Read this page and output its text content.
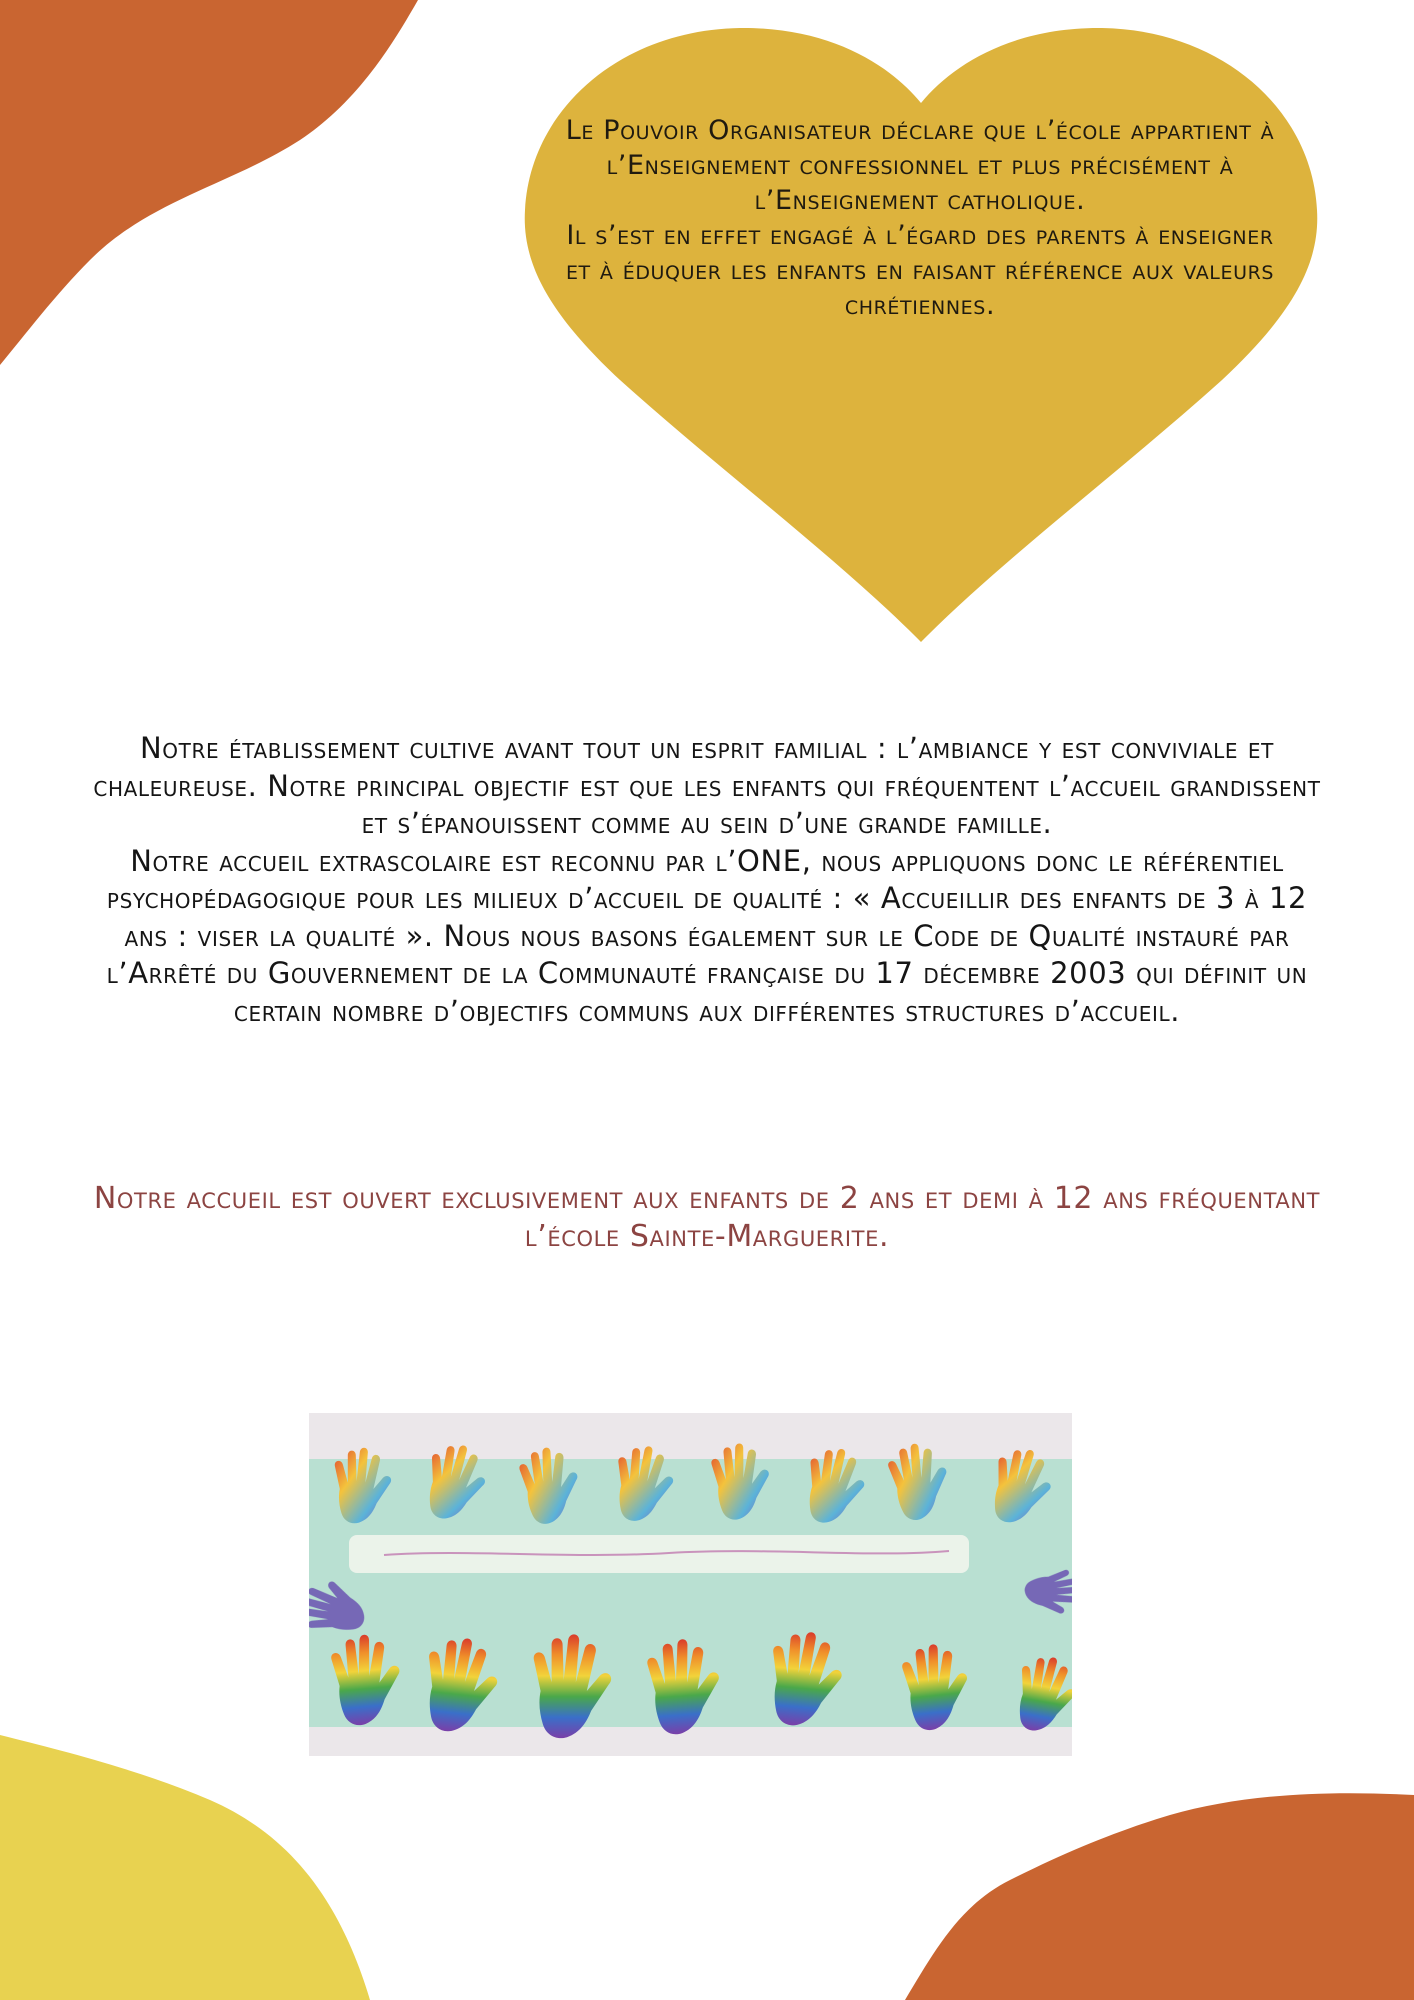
Le Pouvoir Organisateur déclare que l’école appartient à l’Enseignement confessionnel et plus précisément à l’Enseignement catholique.

Il s’est en effet engagé à l’égard des parents à enseigner et à éduquer les enfants en faisant référence aux valeurs chrétiennes.

Notre établissement cultive avant tout un esprit familial : l’ambiance y est conviviale et chaleureuse. Notre principal objectif est que les enfants qui fréquentent l’accueil grandissent et s’épanouissent comme au sein d’une grande famille.

Notre accueil extrascolaire est reconnu par l’ONE, nous appliquons donc le référentiel psychopédagogique pour les milieux d’accueil de qualité : « Accueillir des enfants de 3 à 12 ans : viser la qualité ». Nous nous basons également sur le Code de Qualité instauré par l’Arrêté du Gouvernement de la Communauté française du 17 décembre 2003 qui définit un certain nombre d’objectifs communs aux différentes structures d’accueil.

Notre accueil est ouvert exclusivement aux enfants de 2 ans et demi à 12 ans fréquentant l’école Sainte-Marguerite.
